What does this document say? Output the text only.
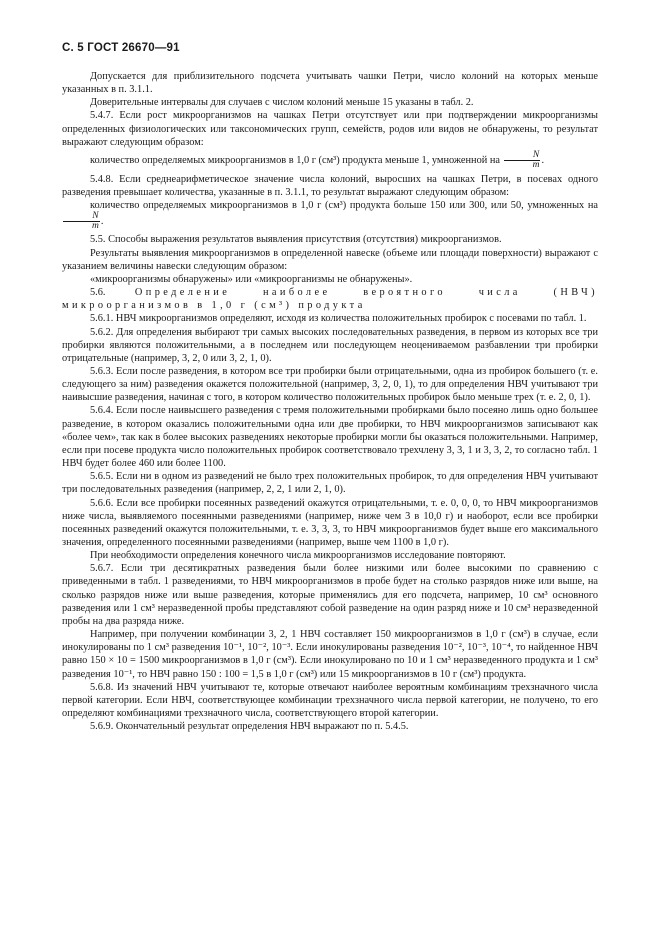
С. 5 ГОСТ 26670—91

Допускается для приблизительного подсчета учитывать чашки Петри, число колоний на которых меньше указанных в п. 3.1.1.

Доверительные интервалы для случаев с числом колоний меньше 15 указаны в табл. 2.

5.4.7. Если рост микроорганизмов на чашках Петри отсутствует или при подтверждении микроорганизмы определенных физиологических или таксономических групп, семейств, родов или видов не обнаружены, то результат выражают следующим образом:

количество определяемых микроорганизмов в 1,0 г (см³) продукта меньше 1, умноженной на $\frac{N}{m}$ .

5.4.8. Если среднеарифметическое значение числа колоний, выросших на чашках Петри, в посевах одного разведения превышает количества, указанные в п. 3.1.1, то результат выражают следующим образом:

количество определяемых микроорганизмов в 1,0 г (см³) продукта больше 150 или 300, или 50, умноженных на
$\frac{N}{m}$ .

5.5. Способы выражения результатов выявления присутствия (отсутствия) микроорганизмов.

Результаты выявления микроорганизмов в определенной навеске (объеме или площади поверхности) выражают с указанием величины навески следующим образом:

«микроорганизмы обнаружены» или «микроорганизмы не обнаружены».

5.6.	Определение наиболее вероятного числа (НВЧ) микроорганизмов в 1,0 г (см³) продукта

5.6.1. НВЧ микроорганизмов определяют, исходя из количества положительных пробирок с посевами по табл. 1.

5.6.2. Для определения выбирают три самых высоких последовательных разведения, в первом из которых все три пробирки являются положительными, а в последнем или последующем неоцениваемом разбавлении три пробирки отрицательные (например, 3, 2, 0 или 3, 2, 1, 0).

5.6.3. Если после разведения, в котором все три пробирки были отрицательными, одна из пробирок большего (т. е. следующего за ним) разведения окажется положительной (например, 3, 2, 0, 1), то для определения НВЧ учитывают три наивысшие разведения, начиная с того, в котором количество положительных пробирок было меньше трех (т. е. 2, 0, 1).

5.6.4. Если после наивысшего разведения с тремя положительными пробирками было посеяно лишь одно большее разведение, в котором оказались положительными одна или две пробирки, то НВЧ микроорганизмов записывают как «более чем», так как в более высоких разведениях некоторые пробирки могли бы оказаться положительными. Например, если при посеве продукта число положительных пробирок соответствовало трехчлену 3, 3, 1 и 3, 3, 2, то согласно табл. 1 НВЧ будет более 460 или более 1100.

5.6.5. Если ни в одном из разведений не было трех положительных пробирок, то для определения НВЧ учитывают три последовательных разведения (например, 2, 2, 1 или 2, 1, 0).

5.6.6. Если все пробирки посеянных разведений окажутся отрицательными, т. е. 0, 0, 0, то НВЧ микроорганизмов ниже числа, выявляемого посеянными разведениями (например, ниже чем 3 в 10,0 г) и наоборот, если все пробирки посеянных разведений окажутся положительными, т. е. 3, 3, 3, то НВЧ микроорганизмов будет выше его максимального значения, определенного посеянными разведениями (например, выше чем 1100 в 1,0 г).

При необходимости определения конечного числа микроорганизмов исследование повторяют.

5.6.7. Если три десятикратных разведения были более низкими или более высокими по сравнению с приведенными в табл. 1 разведениями, то НВЧ микроорганизмов в пробе будет на столько разрядов ниже или выше, на сколько разрядов ниже или выше разведения, которые применялись для его подсчета, например, 10 см³ основного разведения или 1 см³ неразведенной пробы представляют собой разведение на один разряд ниже и 10 см³ неразведенной пробы на два разряда ниже.

Например, при получении комбинации 3, 2, 1 НВЧ составляет 150 микроорганизмов в 1,0 г (см³) в случае, если инокулированы по 1 см³ разведения 10⁻¹, 10⁻², 10⁻³. Если инокулированы разведения 10⁻², 10⁻³, 10⁻⁴, то найденное НВЧ равно 150 × 10 = 1500 микроорганизмов в 1,0 г (см³). Если инокулировано по 10 и 1 см³ неразведенного продукта и 1 см³ разведения 10⁻¹, то НВЧ равно 150 : 100 = 1,5 в 1,0 г (см³) или 15 микроорганизмов в 10 г (см³) продукта.

5.6.8. Из значений НВЧ учитывают те, которые отвечают наиболее вероятным комбинациям трехзначного числа первой категории. Если НВЧ, соответствующее комбинации трехзначного числа первой категории, не получено, то его определяют комбинациями трехзначного числа, соответствующего второй категории.

5.6.9. Окончательный результат определения НВЧ выражают по п. 5.4.5.
